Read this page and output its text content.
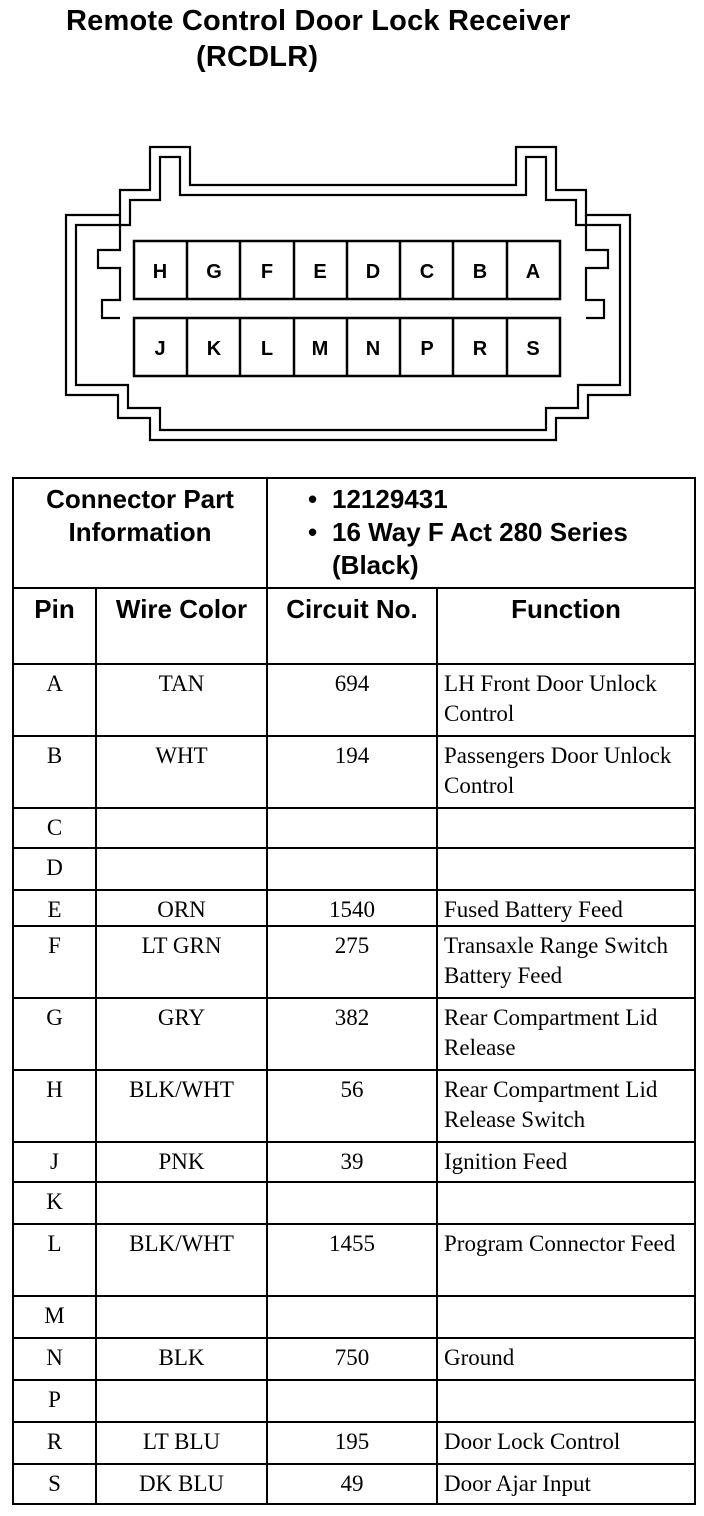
Remote Control Door Lock Receiver
(RCDLR)
H G F E D C B A
J K L M N P R S
Connector Part Information		• 12129431
• 16 Way F Act 280 Series (Black)	

Pin	Wire Color	Circuit No.	Function
A	TAN	694	LH Front Door Unlock Control
B	WHT	194	Passengers Door Unlock Control
C			
D			
E	ORN	1540	Fused Battery Feed
F	LT GRN	275	Transaxle Range Switch Battery Feed
G	GRY	382	Rear Compartment Lid Release
H	BLK/WHT	56	Rear Compartment Lid Release Switch
J	PNK	39	Ignition Feed
K			
L	BLK/WHT	1455	Program Connector Feed
M			
N	BLK	750	Ground
P			
R	LT BLU	195	Door Lock Control
S	DK BLU	49	Door Ajar Input
